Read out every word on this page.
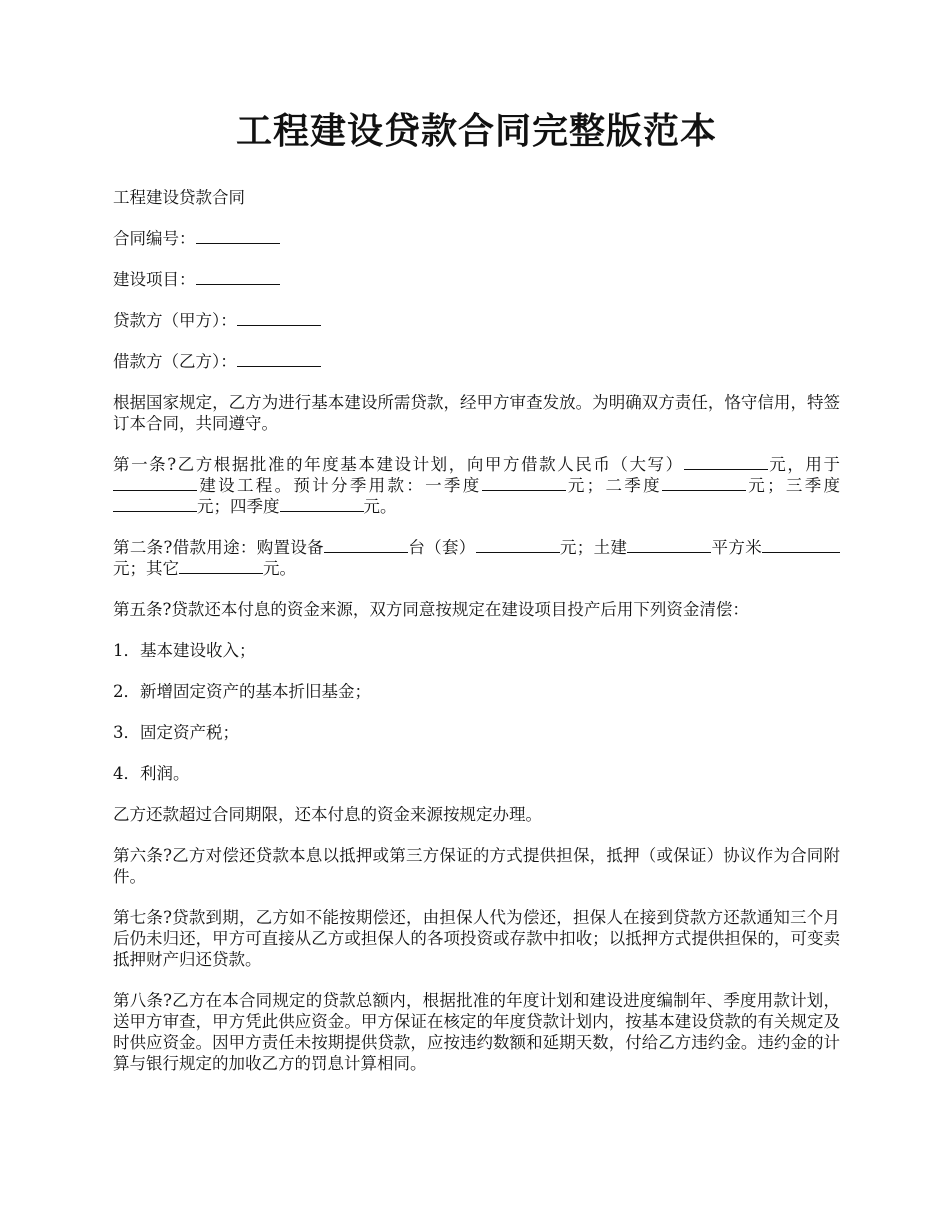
工程建设贷款合同完整版范本

工程建设贷款合同

合同编号：

建设项目：

贷款方（甲方）：

借款方（乙方）：

根据国家规定，乙方为进行基本建设所需贷款，经甲方审查发放。为明确双方责任，恪守信用，特签订本合同，共同遵守。

第一条?乙方根据批准的年度基本建设计划，向甲方借款人民币（大写）	元，用于建设工程。预计分季用款：一季度	元；二季度	元；三季度元；四季度	元。

第二条?借款用途：购置设备	台（套）	元；土建	平方米元；其它	元。

第五条?贷款还本付息的资金来源，双方同意按规定在建设项目投产后用下列资金清偿：

1．基本建设收入；

2．新增固定资产的基本折旧基金；

3．固定资产税；

4．利润。

乙方还款超过合同期限，还本付息的资金来源按规定办理。

第六条?乙方对偿还贷款本息以抵押或第三方保证的方式提供担保，抵押（或保证）协议作为合同附件。

第七条?贷款到期，乙方如不能按期偿还，由担保人代为偿还，担保人在接到贷款方还款通知三个月后仍未归还，甲方可直接从乙方或担保人的各项投资或存款中扣收；以抵押方式提供担保的，可变卖抵押财产归还贷款。

第八条?乙方在本合同规定的贷款总额内，根据批准的年度计划和建设进度编制年、季度用款计划，送甲方审查，甲方凭此供应资金。甲方保证在核定的年度贷款计划内，按基本建设贷款的有关规定及时供应资金。因甲方责任未按期提供贷款，应按违约数额和延期天数，付给乙方违约金。违约金的计算与银行规定的加收乙方的罚息计算相同。
